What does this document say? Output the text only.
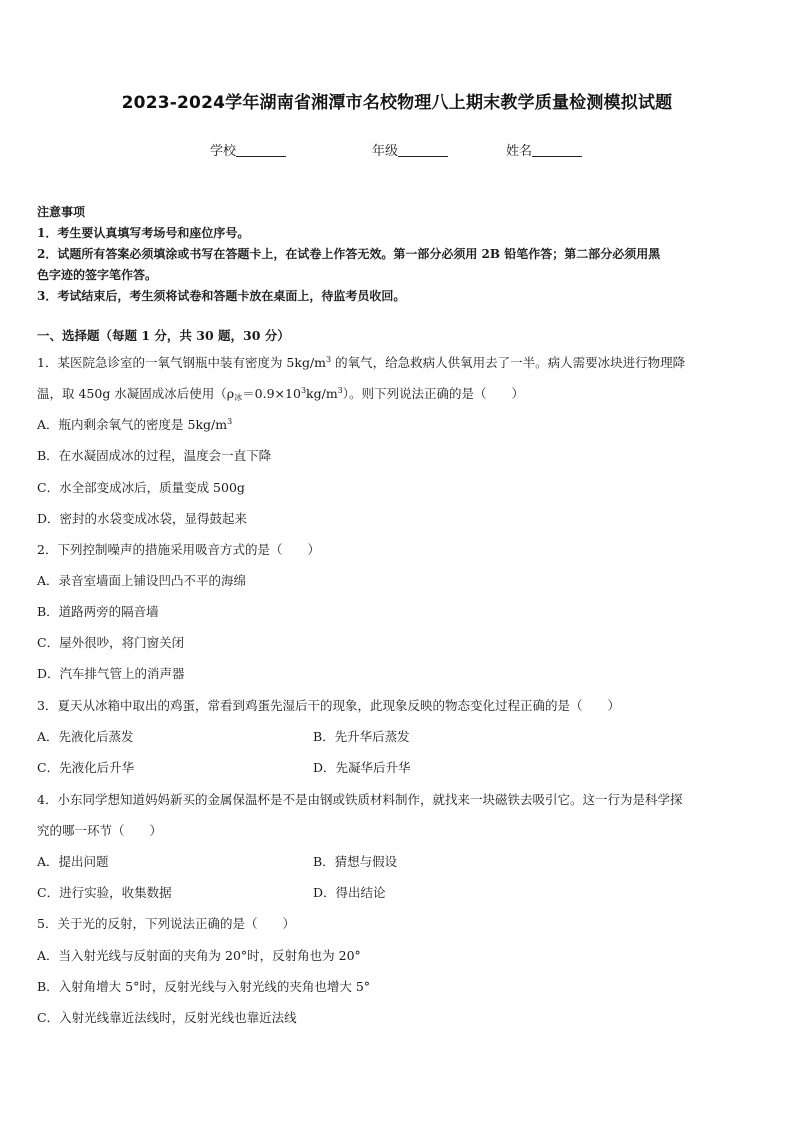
2023-2024学年湖南省湘潭市名校物理八上期末教学质量检测模拟试题
学校	年级	姓名

注意事项

1．考生要认真填写考场号和座位序号。

2．试题所有答案必须填涂或书写在答题卡上，在试卷上作答无效。第一部分必须用 2B 铅笔作答；第二部分必须用黑

色字迹的签字笔作答。

3．考试结束后，考生须将试卷和答题卡放在桌面上，待监考员收回。

一、选择题（每题 1 分，共 30 题，30 分）
1．某医院急诊室的一氧气钢瓶中装有密度为 $5kg/m^3$ 的氧气，给急救病人供氧用去了一半。病人需要冰块进行物理降
温，取 450g 水凝固成冰后使用$(\rho_冰=0.9\times 10^3kg/m^3)$。则下列说法正确的是（　　）
A．瓶内剩余氧气的密度是 $5kg/m^3$
B．在水凝固成冰的过程，温度会一直下降
C．水全部变成冰后，质量变成 500g
D．密封的水袋变成冰袋，显得鼓起来
2．下列控制噪声的措施采用吸音方式的是（　　）
A．录音室墙面上铺设凹凸不平的海绵
B．道路两旁的隔音墙
C．屋外很吵，将门窗关闭
D．汽车排气管上的消声器
3．夏天从冰箱中取出的鸡蛋，常看到鸡蛋先湿后干的现象，此现象反映的物态变化过程正确的是（　　）
A．先液化后蒸发	B．先升华后蒸发
C．先液化后升华	D．先凝华后升华
4．小东同学想知道妈妈新买的金属保温杯是不是由钢或铁质材料制作，就找来一块磁铁去吸引它。这一行为是科学探
究的哪一环节（　　）
A．提出问题	B．猜想与假设
C．进行实验，收集数据	D．得出结论
5．关于光的反射，下列说法正确的是（　　）
A．当入射光线与反射面的夹角为 20°时，反射角也为 20°
B．入射角增大 5°时，反射光线与入射光线的夹角也增大 5°
C．入射光线靠近法线时，反射光线也靠近法线
